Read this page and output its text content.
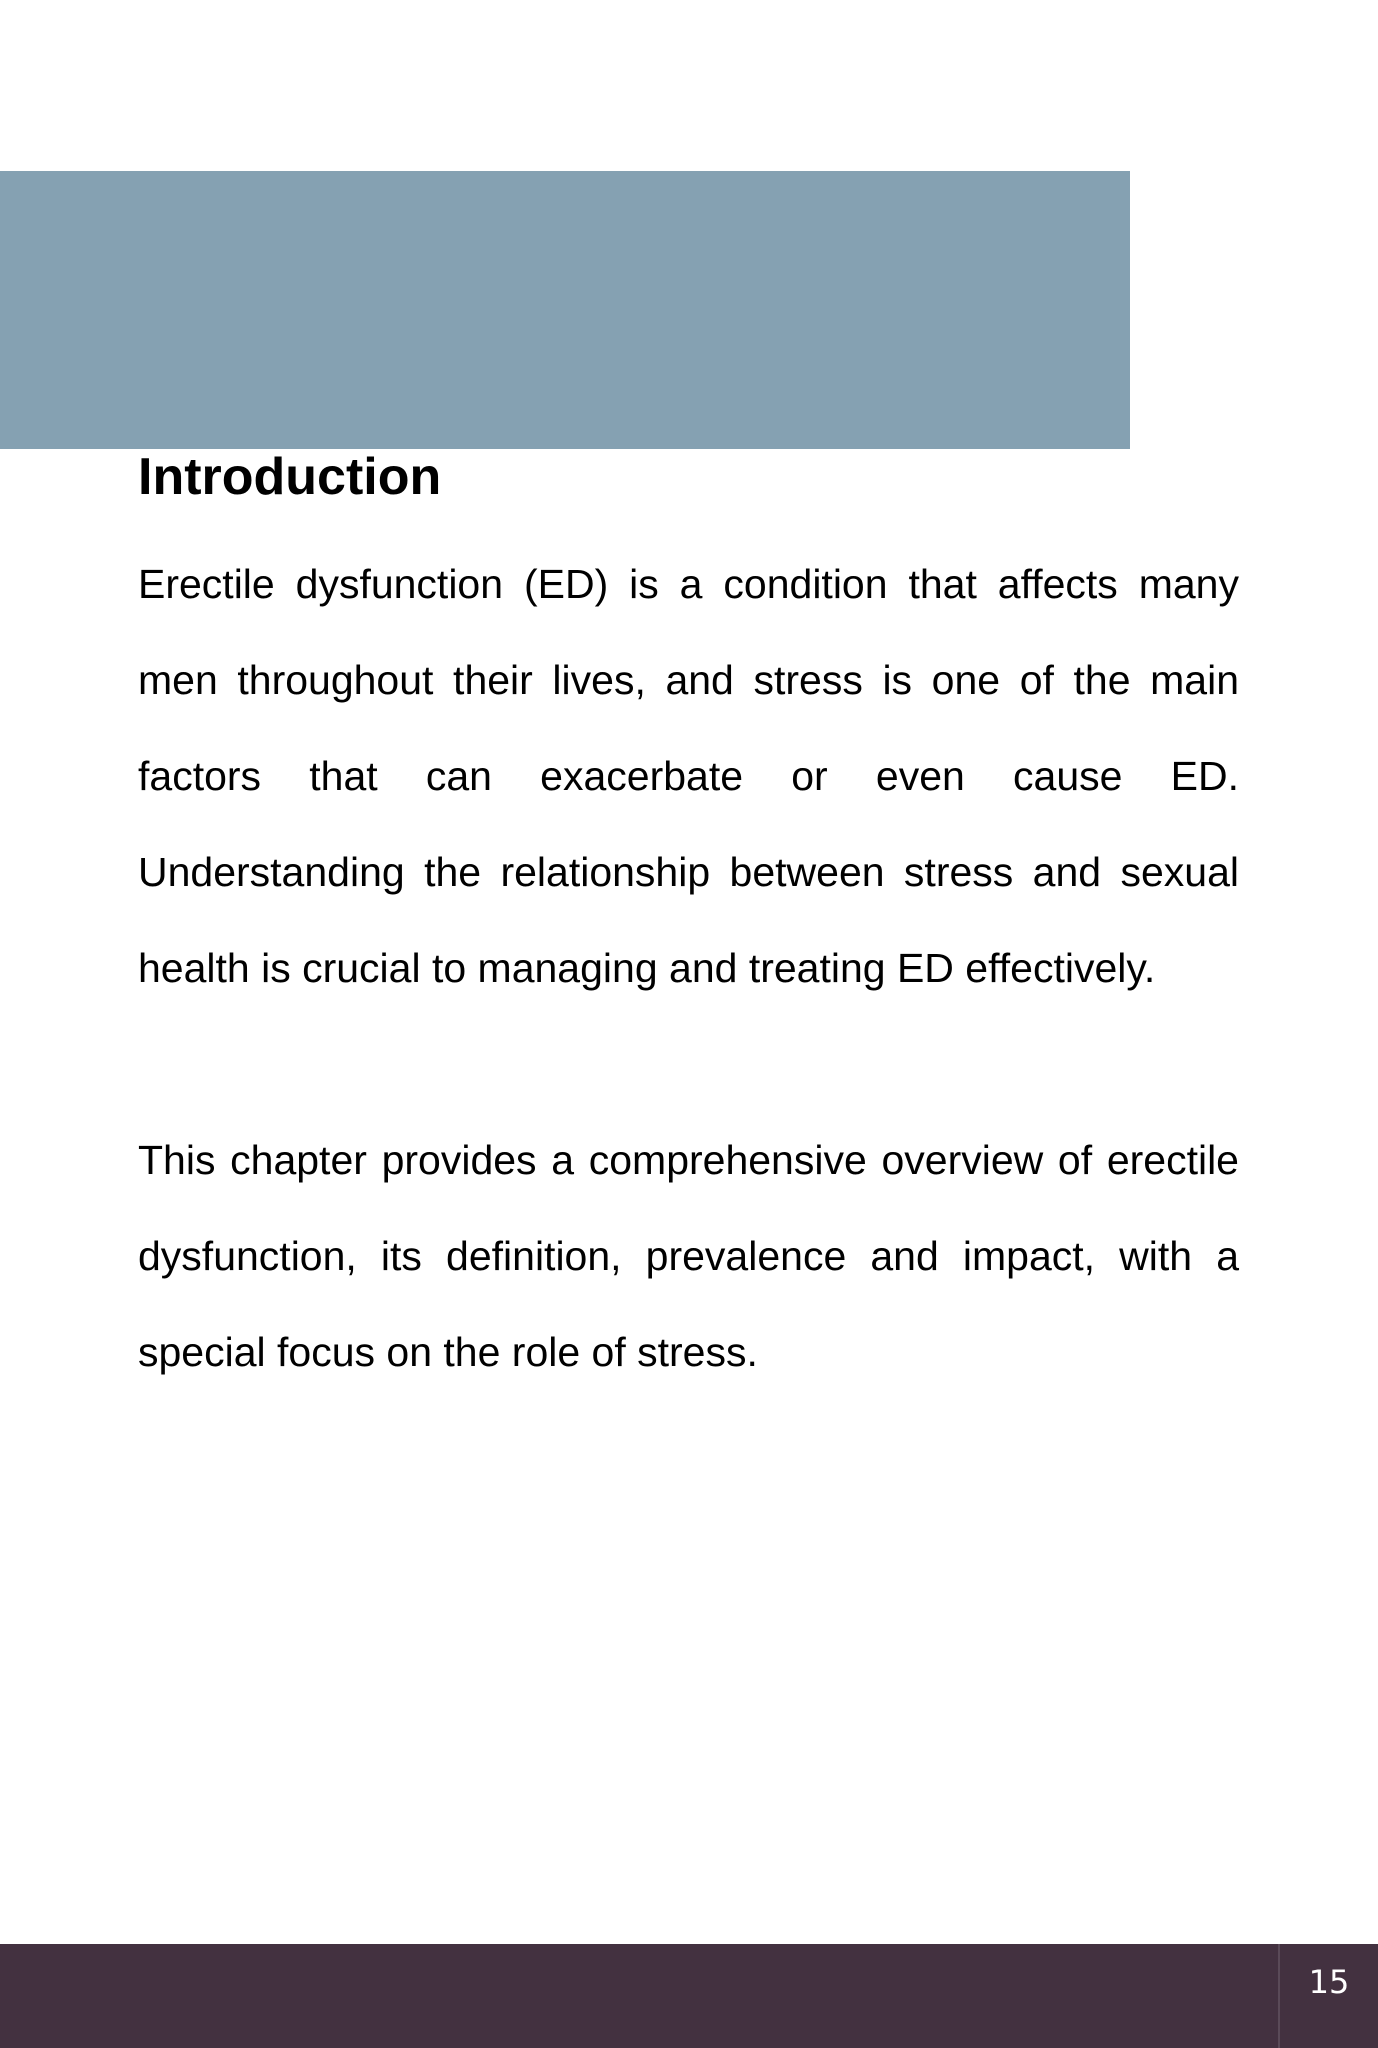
Introduction

Erectile dysfunction (ED) is a condition that affects many men throughout their lives, and stress is one of the main factors that can exacerbate or even cause ED. Understanding the relationship between stress and sexual health is crucial to managing and treating ED effectively.

This chapter provides a comprehensive overview of erectile dysfunction, its definition, prevalence and impact, with a special focus on the role of stress.

15
